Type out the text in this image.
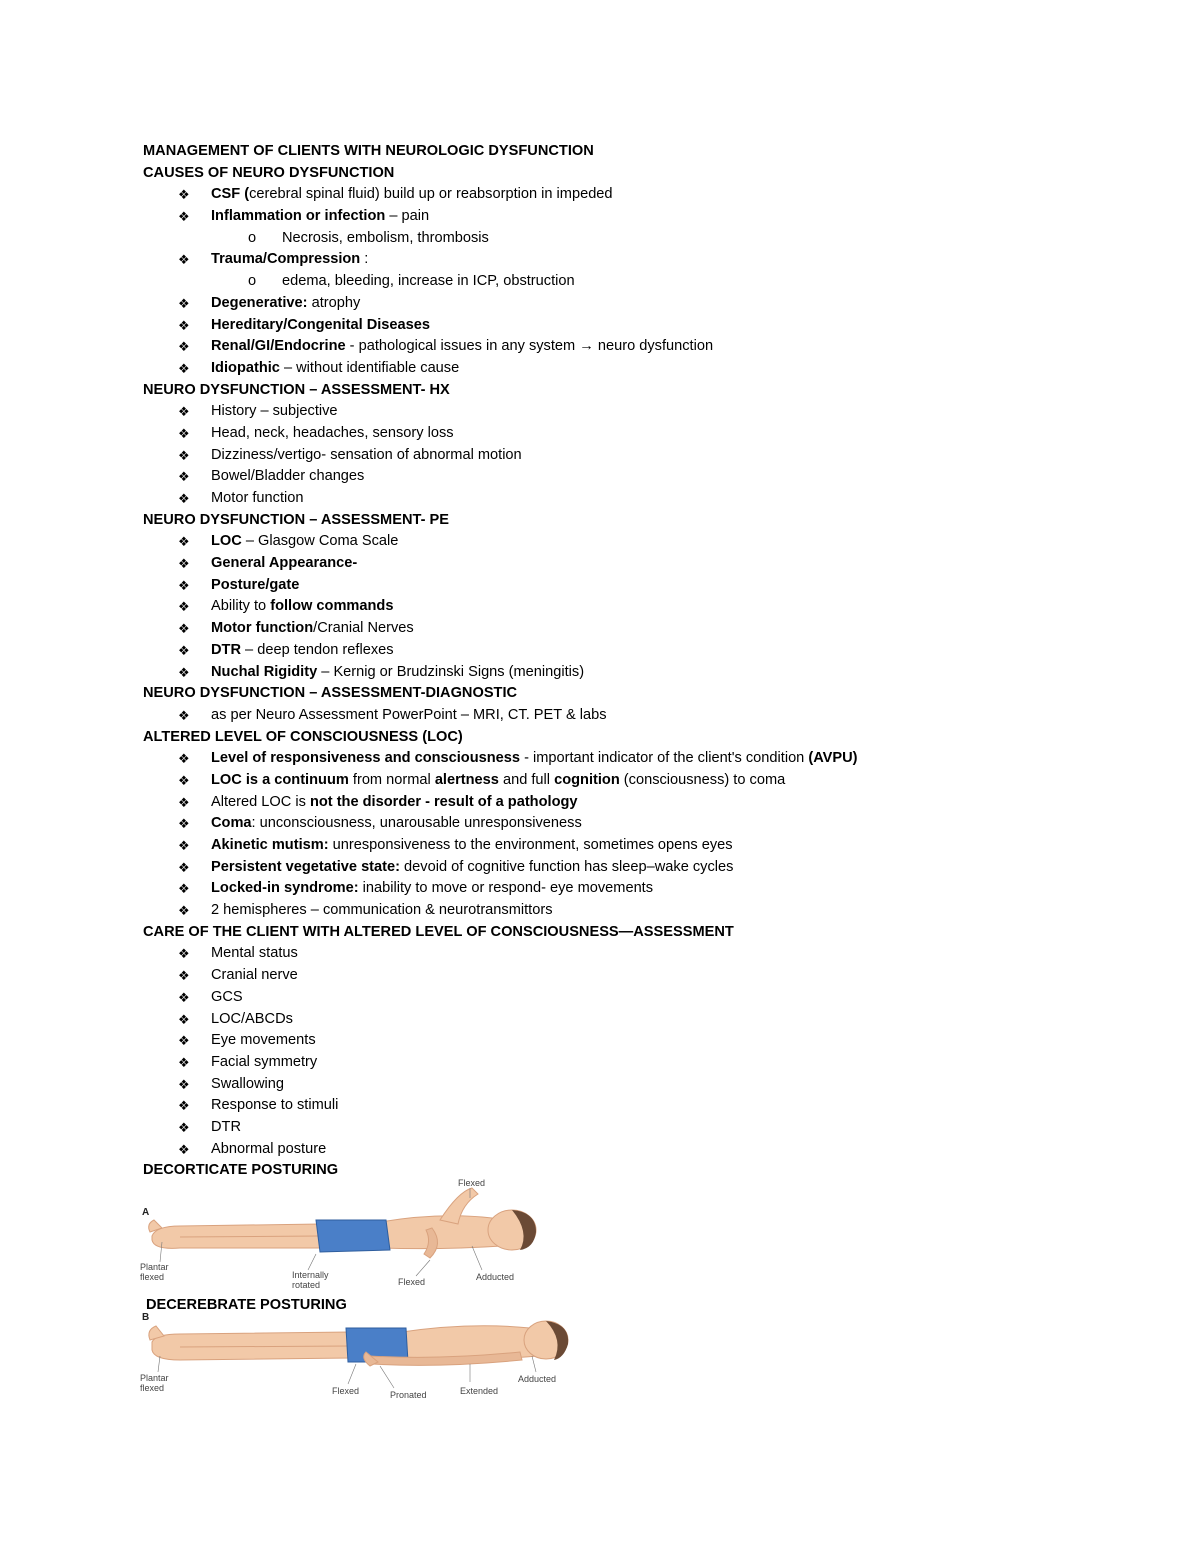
MANAGEMENT OF CLIENTS WITH NEUROLOGIC DYSFUNCTION
CAUSES OF NEURO DYSFUNCTION
❖ CSF (cerebral spinal fluid) build up or reabsorption in impeded
❖ Inflammation or infection – pain
o Necrosis, embolism, thrombosis
❖ Trauma/Compression :
o edema, bleeding, increase in ICP, obstruction
❖ Degenerative: atrophy
❖ Hereditary/Congenital Diseases
❖ Renal/GI/Endocrine - pathological issues in any system → neuro dysfunction
❖ Idiopathic – without identifiable cause
NEURO DYSFUNCTION – ASSESSMENT- HX
❖ History – subjective
❖ Head, neck, headaches, sensory loss
❖ Dizziness/vertigo- sensation of abnormal motion
❖ Bowel/Bladder changes
❖ Motor function
NEURO DYSFUNCTION – ASSESSMENT- PE
❖ LOC – Glasgow Coma Scale
❖ General Appearance-
❖ Posture/gate
❖ Ability to follow commands
❖ Motor function/Cranial Nerves
❖ DTR – deep tendon reflexes
❖ Nuchal Rigidity – Kernig or Brudzinski Signs (meningitis)
NEURO DYSFUNCTION – ASSESSMENT-DIAGNOSTIC
❖ as per Neuro Assessment PowerPoint – MRI, CT. PET & labs
ALTERED LEVEL OF CONSCIOUSNESS (LOC)
❖ Level of responsiveness and consciousness - important indicator of the client's condition (AVPU)
❖ LOC is a continuum from normal alertness and full cognition (consciousness) to coma
❖ Altered LOC is not the disorder - result of a pathology
❖ Coma: unconsciousness, unarousable unresponsiveness
❖ Akinetic mutism: unresponsiveness to the environment, sometimes opens eyes
❖ Persistent vegetative state: devoid of cognitive function has sleep–wake cycles
❖ Locked-in syndrome: inability to move or respond- eye movements
❖ 2 hemispheres – communication & neurotransmittors
CARE OF THE CLIENT WITH ALTERED LEVEL OF CONSCIOUSNESS—ASSESSMENT
❖ Mental status
❖ Cranial nerve
❖ GCS
❖ LOC/ABCDs
❖ Eye movements
❖ Facial symmetry
❖ Swallowing
❖ Response to stimuli
❖ DTR
❖ Abnormal posture
DECORTICATE POSTURING
A
Flexed
Plantar
flexed	Internally
rotated	Flexed	Adducted
DECEREBRATE POSTURING
B
Plantar
flexed	Flexed	Pronated	Extended
Adducted
